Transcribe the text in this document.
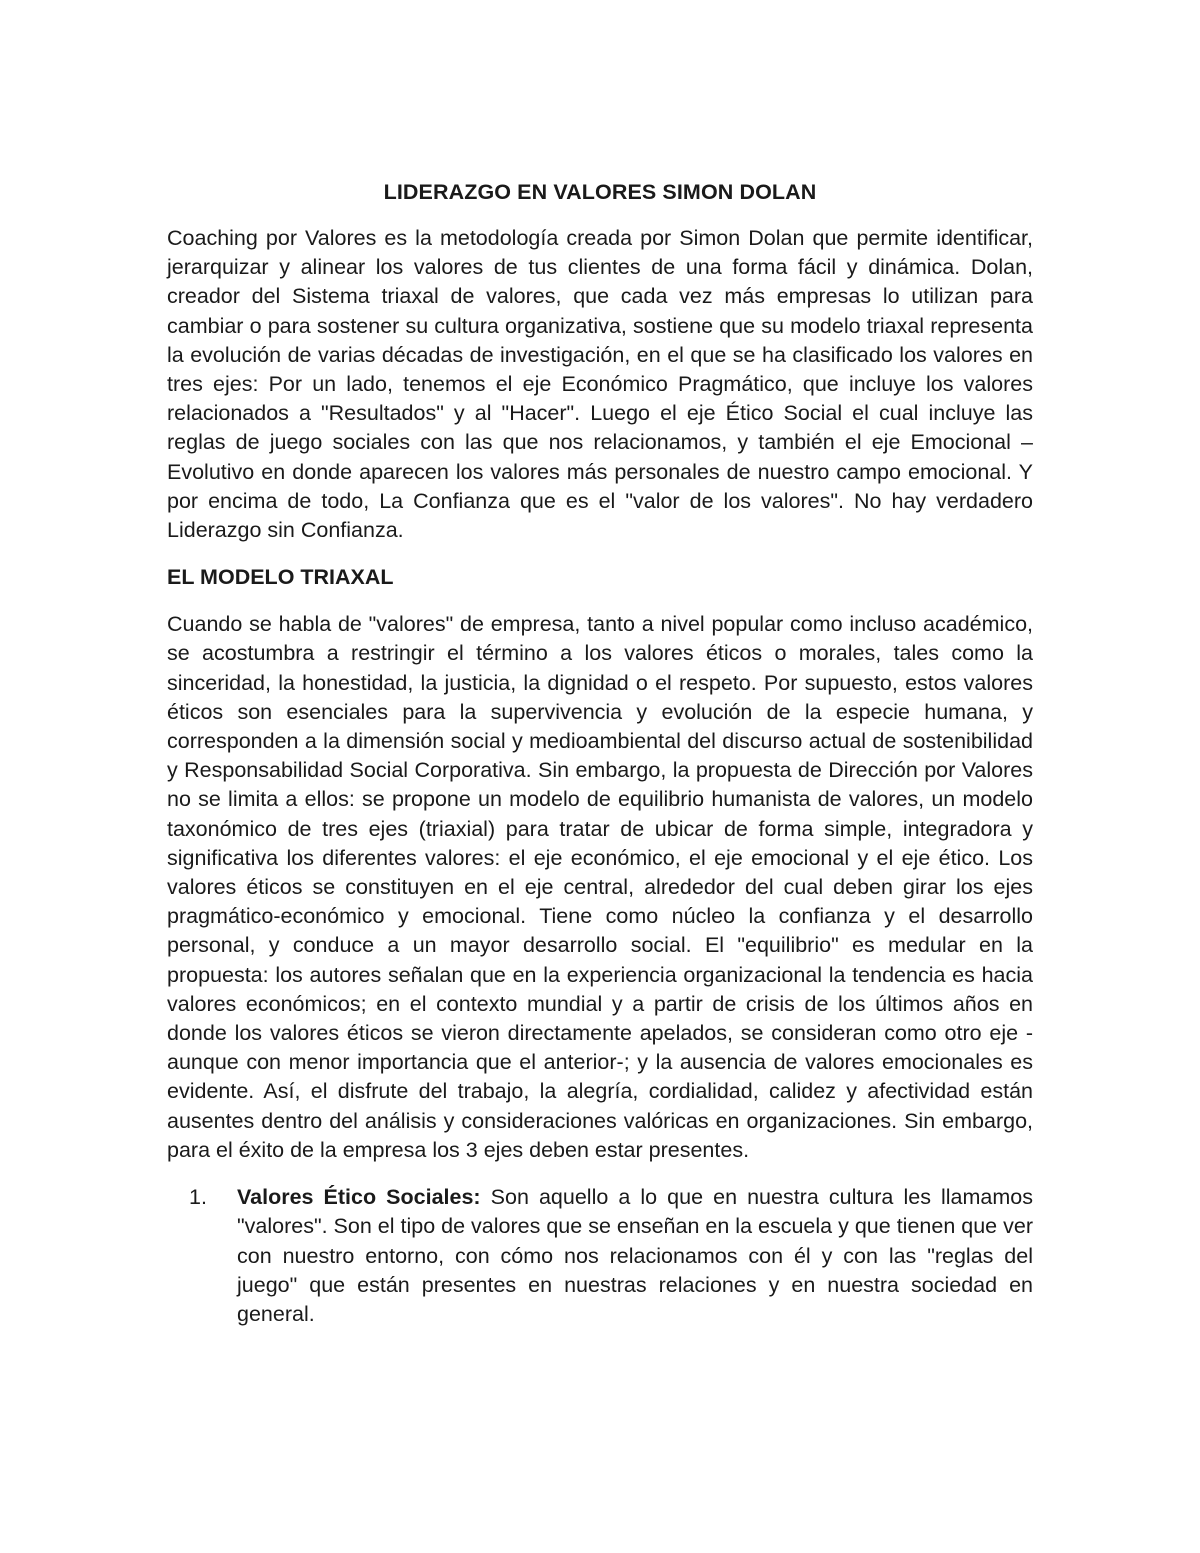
LIDERAZGO EN VALORES SIMON DOLAN

Coaching por Valores es la metodología creada por Simon Dolan que permite identificar, jerarquizar y alinear los valores de tus clientes de una forma fácil y dinámica. Dolan, creador del Sistema triaxal de valores, que cada vez más empresas lo utilizan para cambiar o para sostener su cultura organizativa, sostiene que su modelo triaxal representa la evolución de varias décadas de investigación, en el que se ha clasificado los valores en tres ejes: Por un lado, tenemos el eje Económico Pragmático, que incluye los valores relacionados a "Resultados" y al "Hacer". Luego el eje Ético Social el cual incluye las reglas de juego sociales con las que nos relacionamos, y también el eje Emocional – Evolutivo en donde aparecen los valores más personales de nuestro campo emocional. Y por encima de todo, La Confianza que es el "valor de los valores". No hay verdadero Liderazgo sin Confianza.

EL MODELO TRIAXAL

Cuando se habla de "valores" de empresa, tanto a nivel popular como incluso académico, se acostumbra a restringir el término a los valores éticos o morales, tales como la sinceridad, la honestidad, la justicia, la dignidad o el respeto. Por supuesto, estos valores éticos son esenciales para la supervivencia y evolución de la especie humana, y corresponden a la dimensión social y medioambiental del discurso actual de sostenibilidad y Responsabilidad Social Corporativa. Sin embargo, la propuesta de Dirección por Valores no se limita a ellos: se propone un modelo de equilibrio humanista de valores, un modelo taxonómico de tres ejes (triaxial) para tratar de ubicar de forma simple, integradora y significativa los diferentes valores: el eje económico, el eje emocional y el eje ético. Los valores éticos se constituyen en el eje central, alrededor del cual deben girar los ejes pragmático-económico y emocional. Tiene como núcleo la confianza y el desarrollo personal, y conduce a un mayor desarrollo social. El "equilibrio" es medular en la propuesta: los autores señalan que en la experiencia organizacional la tendencia es hacia valores económicos; en el contexto mundial y a partir de crisis de los últimos años en donde los valores éticos se vieron directamente apelados, se consideran como otro eje -aunque con menor importancia que el anterior-; y la ausencia de valores emocionales es evidente. Así, el disfrute del trabajo, la alegría, cordialidad, calidez y afectividad están ausentes dentro del análisis y consideraciones valóricas en organizaciones. Sin embargo, para el éxito de la empresa los 3 ejes deben estar presentes.

1. Valores Ético Sociales: Son aquello a lo que en nuestra cultura les llamamos "valores". Son el tipo de valores que se enseñan en la escuela y que tienen que ver con nuestro entorno, con cómo nos relacionamos con él y con las "reglas del juego" que están presentes en nuestras relaciones y en nuestra sociedad en general.
